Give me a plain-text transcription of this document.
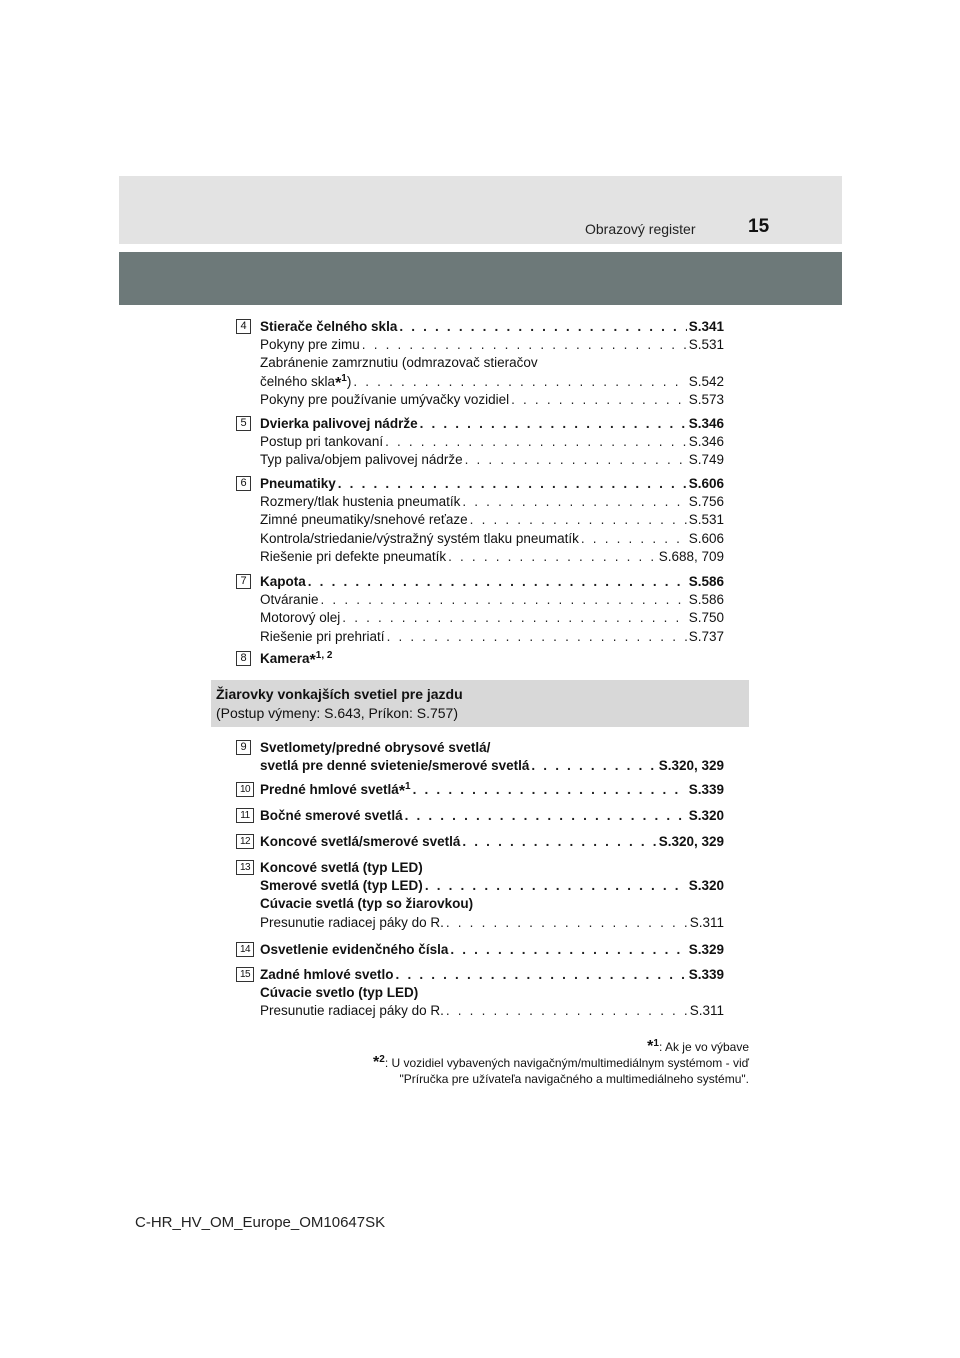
Obrazový register	15
4 Stierače čelného skla . . .	S.341
Pokyny pre zimu . . .	S.531
Zabránenie zamrznutiu (odmrazovač stieračov
čelného skla*$^1$) . . .	S.542
Pokyny pre používanie umývačky vozidiel . . .	S.573
5 Dvierka palivovej nádrže . . .	S.346
Postup pri tankovaní . . .	S.346
Typ paliva/objem palivovej nádrže . . .	S.749
6 Pneumatiky . . .	S.606
Rozmery/tlak hustenia pneumatík . . .	S.756
Zimné pneumatiky/snehové reťaze . . .	S.531
Kontrola/striedanie/výstražný systém tlaku pneumatík . . .	S.606
Riešenie pri defekte pneumatík . . .	S.688, 709
7 Kapota . . .	S.586
Otváranie . . .	S.586
Motorový olej . . .	S.750
Riešenie pri prehriatí . . .	S.737
8 Kamera*$^{1, 2}$
Žiarovky vonkajších svetiel pre jazdu
(Postup výmeny: S.643, Príkon: S.757)
9 Svetlomety/predné obrysové svetlá/
svetlá pre denné svietenie/smerové svetlá . . .	S.320, 329
10 Predné hmlové svetlá*$^1$ . . .	S.339
11 Bočné smerové svetlá . . .	S.320
12 Koncové svetlá/smerové svetlá . . .	S.320, 329
13 Koncové svetlá (typ LED)
Smerové svetlá (typ LED) . . .	S.320
Cúvacie svetlá (typ so žiarovkou)
Presunutie radiacej páky do R. . . .	S.311
14 Osvetlenie evidenčného čísla . . .	S.329
15 Zadné hmlové svetlo . . .	S.339
Cúvacie svetlo (typ LED)
Presunutie radiacej páky do R. . . .	S.311
*$^1$: Ak je vo výbave
*$^2$: U vozidiel vybavených navigačným/multimediálnym systémom - viď
"Príručka pre užívateľa navigačného a multimediálneho systému".
C-HR_HV_OM_Europe_OM10647SK
